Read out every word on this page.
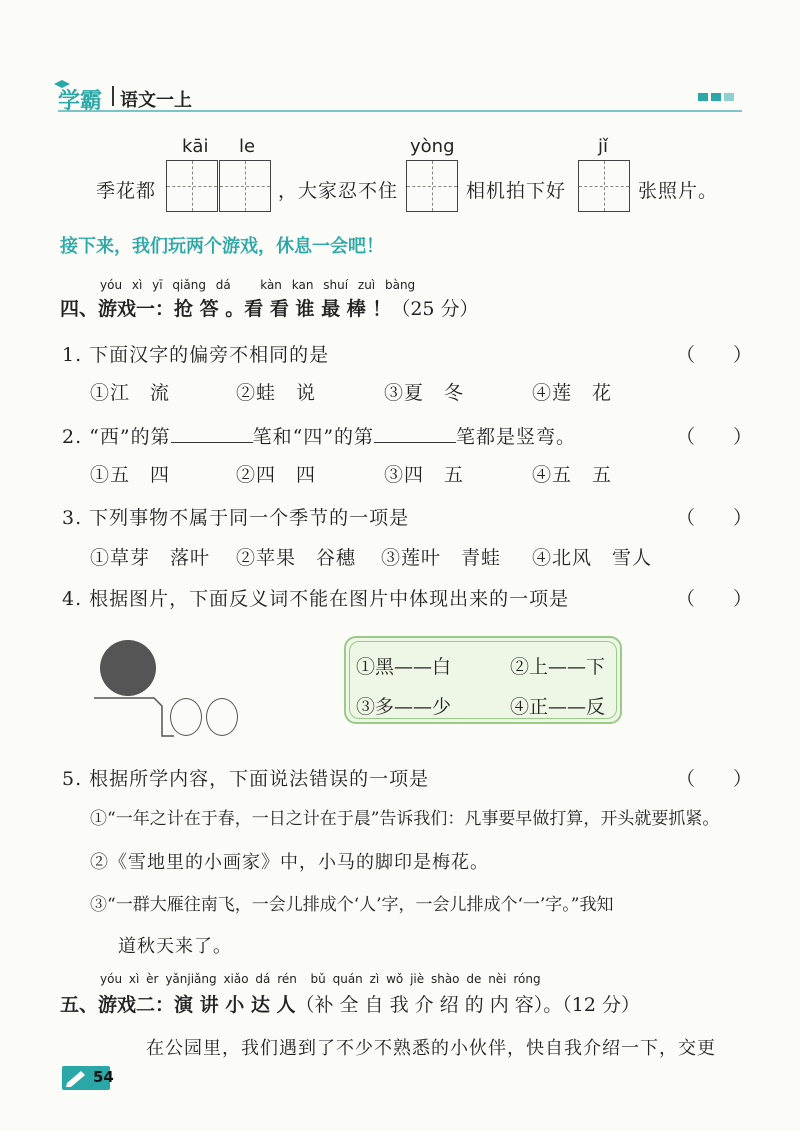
学霸 语文一上
kāi le	yòng	jǐ
季花都	，大家忍不住	相机拍下好	张照片。
接下来，我们玩两个游戏，休息一会吧！
yóu xì yī qiǎng dá kàn kan shuí zuì bàng
四、游戏一：抢 答 。看 看 谁 最 棒 ！（25 分）
1. 下面汉字的偏旁不相同的是	（　　）
①江　流	②蛙　说	③夏　冬	④莲　花
2. “西”的第	笔和“四”的第	笔都是竖弯。	（　　）
①五　四	②四　四	③四　五	④五　五
3. 下列事物不属于同一个季节的一项是	（　　）
①草芽　落叶 ②苹果　谷穗 ③莲叶　青蛙 ④北风　雪人
4. 根据图片，下面反义词不能在图片中体现出来的一项是	（　　）
①黑——白	②上——下
③多——少	④正——反
5. 根据所学内容，下面说法错误的一项是	（　　）
①“一年之计在于春，一日之计在于晨”告诉我们：凡事要早做打算，开头就要抓紧。
②《雪地里的小画家》中，小马的脚印是梅花。
③“一群大雁往南飞，一会儿排成个‘人’字，一会儿排成个‘一’字。”我知
道秋天来了。
yóu xì èr yǎnjiǎng xiǎo dá rén bǔ quán zì wǒ jiè shào de nèi róng
五、游戏二：演 讲 小 达 人（补 全 自 我 介 绍 的 内 容）。（12 分）
在公园里，我们遇到了不少不熟悉的小伙伴，快自我介绍一下，交更
54
